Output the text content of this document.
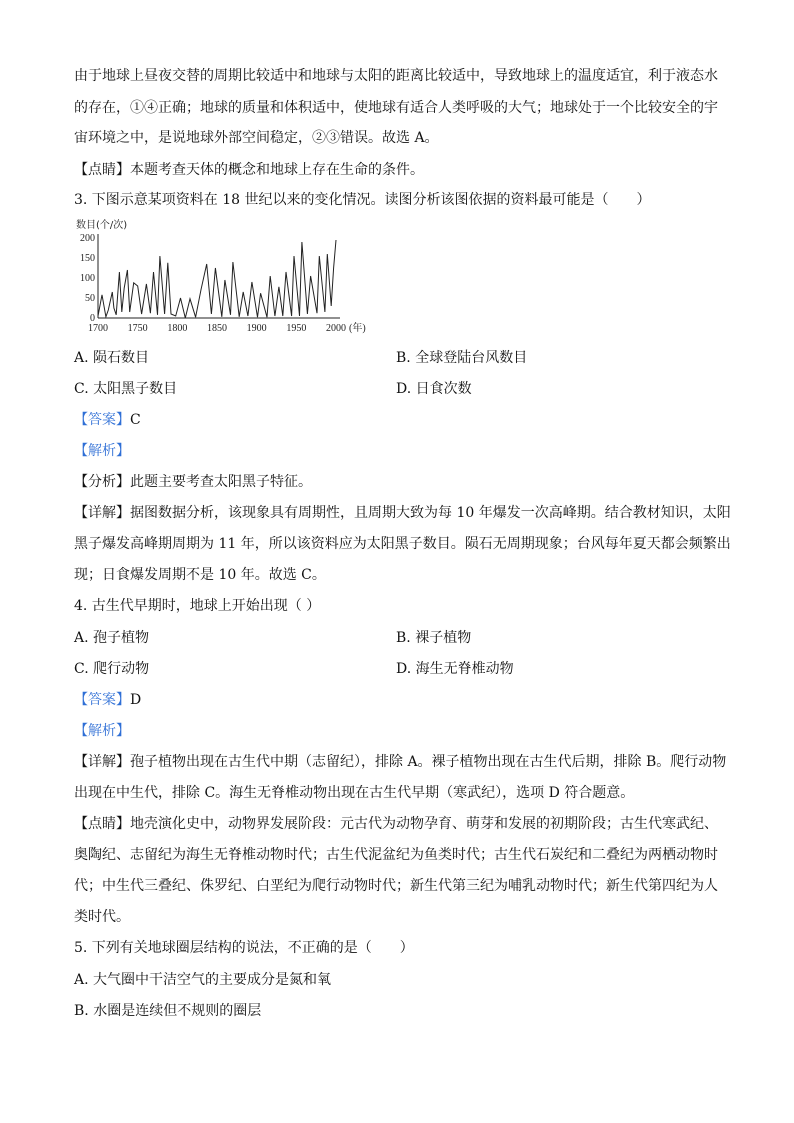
由于地球上昼夜交替的周期比较适中和地球与太阳的距离比较适中，导致地球上的温度适宜，利于液态水
的存在，①④正确；地球的质量和体积适中，使地球有适合人类呼吸的大气；地球处于一个比较安全的宇
宙环境之中，是说地球外部空间稳定，②③错误。故选 A。
【点睛】本题考查天体的概念和地球上存在生命的条件。
3. 下图示意某项资料在 18 世纪以来的变化情况。读图分析该图依据的资料最可能是（　　）
数目(个/次)
0
50
100
150
200
1700 1750 1800 1850 1900 1950 2000 (年)
A. 陨石数目	B. 全球登陆台风数目
C. 太阳黑子数目	D. 日食次数
【答案】C
【解析】
【分析】此题主要考查太阳黑子特征。
【详解】据图数据分析，该现象具有周期性，且周期大致为每 10 年爆发一次高峰期。结合教材知识，太阳
黑子爆发高峰期周期为 11 年，所以该资料应为太阳黑子数目。陨石无周期现象；台风每年夏天都会频繁出
现；日食爆发周期不是 10 年。故选 C。
4. 古生代早期时，地球上开始出现（ ）
A. 孢子植物	B. 裸子植物
C. 爬行动物	D. 海生无脊椎动物
【答案】D
【解析】
【详解】孢子植物出现在古生代中期（志留纪），排除 A。裸子植物出现在古生代后期，排除 B。爬行动物
出现在中生代，排除 C。海生无脊椎动物出现在古生代早期（寒武纪），选项 D 符合题意。
【点睛】地壳演化史中，动物界发展阶段：元古代为动物孕育、萌芽和发展的初期阶段；古生代寒武纪、
奥陶纪、志留纪为海生无脊椎动物时代；古生代泥盆纪为鱼类时代；古生代石炭纪和二叠纪为两栖动物时
代；中生代三叠纪、侏罗纪、白垩纪为爬行动物时代；新生代第三纪为哺乳动物时代；新生代第四纪为人
类时代。
5. 下列有关地球圈层结构的说法，不正确的是（　　）
A. 大气圈中干洁空气的主要成分是氮和氧
B. 水圈是连续但不规则的圈层
